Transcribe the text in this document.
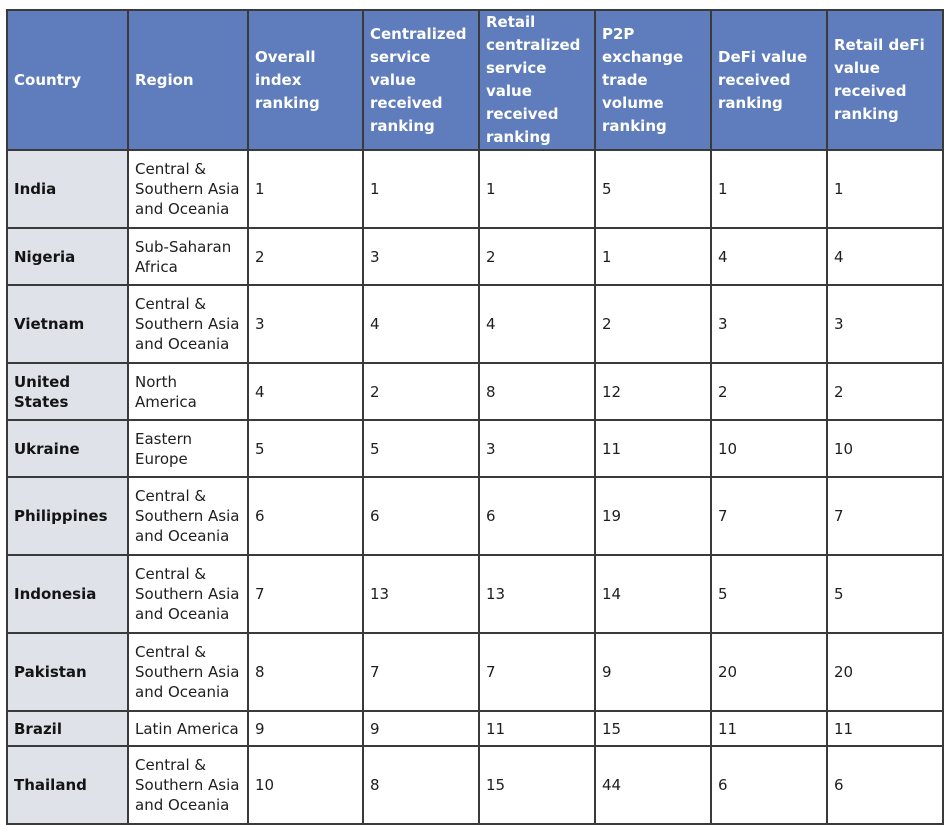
Country	Region	Overall index ranking	Centralized service value received ranking	Retail centralized service value received ranking	P2P exchange trade volume ranking	DeFi value received ranking	Retail deFi value received ranking
India	Central & Southern Asia and Oceania	1	1	1	5	1	1
Nigeria	Sub-Saharan Africa	2	3	2	1	4	4
Vietnam	Central & Southern Asia and Oceania	3	4	4	2	3	3
United States	North America	4	2	8	12	2	2
Ukraine	Eastern Europe	5	5	3	11	10	10
Philippines	Central & Southern Asia and Oceania	6	6	6	19	7	7
Indonesia	Central & Southern Asia and Oceania	7	13	13	14	5	5
Pakistan	Central & Southern Asia and Oceania	8	7	7	9	20	20
Brazil	Latin America	9	9	11	15	11	11
Thailand	Central & Southern Asia and Oceania	10	8	15	44	6	6
